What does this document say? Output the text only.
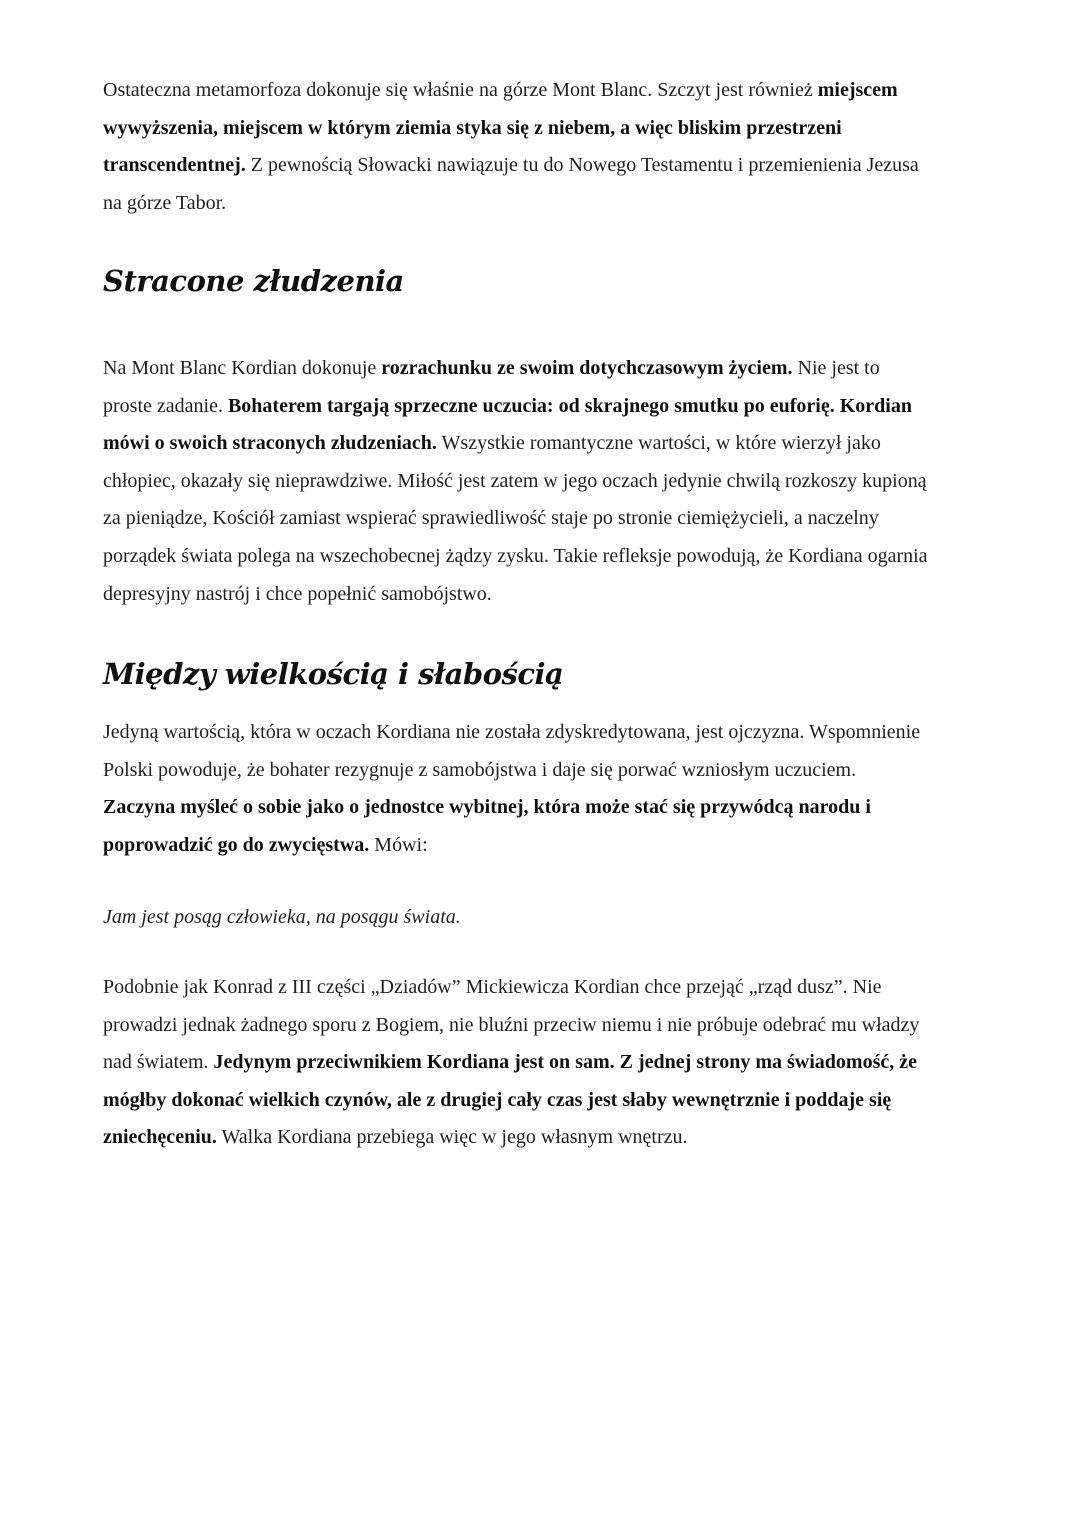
Ostateczna metamorfoza dokonuje się właśnie na górze Mont Blanc. Szczyt jest również miejscem
wywyższenia, miejscem w którym ziemia styka się z niebem, a więc bliskim przestrzeni
transcendentnej. Z pewnością Słowacki nawiązuje tu do Nowego Testamentu i przemienienia Jezusa
na górze Tabor.
Stracone złudzenia
Na Mont Blanc Kordian dokonuje rozrachunku ze swoim dotychczasowym życiem. Nie jest to
proste zadanie. Bohaterem targają sprzeczne uczucia: od skrajnego smutku po euforię. Kordian
mówi o swoich straconych złudzeniach. Wszystkie romantyczne wartości, w które wierzył jako
chłopiec, okazały się nieprawdziwe. Miłość jest zatem w jego oczach jedynie chwilą rozkoszy kupioną
za pieniądze, Kościół zamiast wspierać sprawiedliwość staje po stronie ciemiężycieli, a naczelny
porządek świata polega na wszechobecnej żądzy zysku. Takie refleksje powodują, że Kordiana ogarnia
depresyjny nastrój i chce popełnić samobójstwo.
Między wielkością i słabością
Jedyną wartością, która w oczach Kordiana nie została zdyskredytowana, jest ojczyzna. Wspomnienie
Polski powoduje, że bohater rezygnuje z samobójstwa i daje się porwać wzniosłym uczuciem.
Zaczyna myśleć o sobie jako o jednostce wybitnej, która może stać się przywódcą narodu i
poprowadzić go do zwycięstwa. Mówi:

Jam jest posąg człowieka, na posągu świata.

Podobnie jak Konrad z III części „Dziadów” Mickiewicza Kordian chce przejąć „rząd dusz”. Nie
prowadzi jednak żadnego sporu z Bogiem, nie bluźni przeciw niemu i nie próbuje odebrać mu władzy
nad światem. Jedynym przeciwnikiem Kordiana jest on sam. Z jednej strony ma świadomość, że
mógłby dokonać wielkich czynów, ale z drugiej cały czas jest słaby wewnętrznie i poddaje się
zniechęceniu. Walka Kordiana przebiega więc w jego własnym wnętrzu.
